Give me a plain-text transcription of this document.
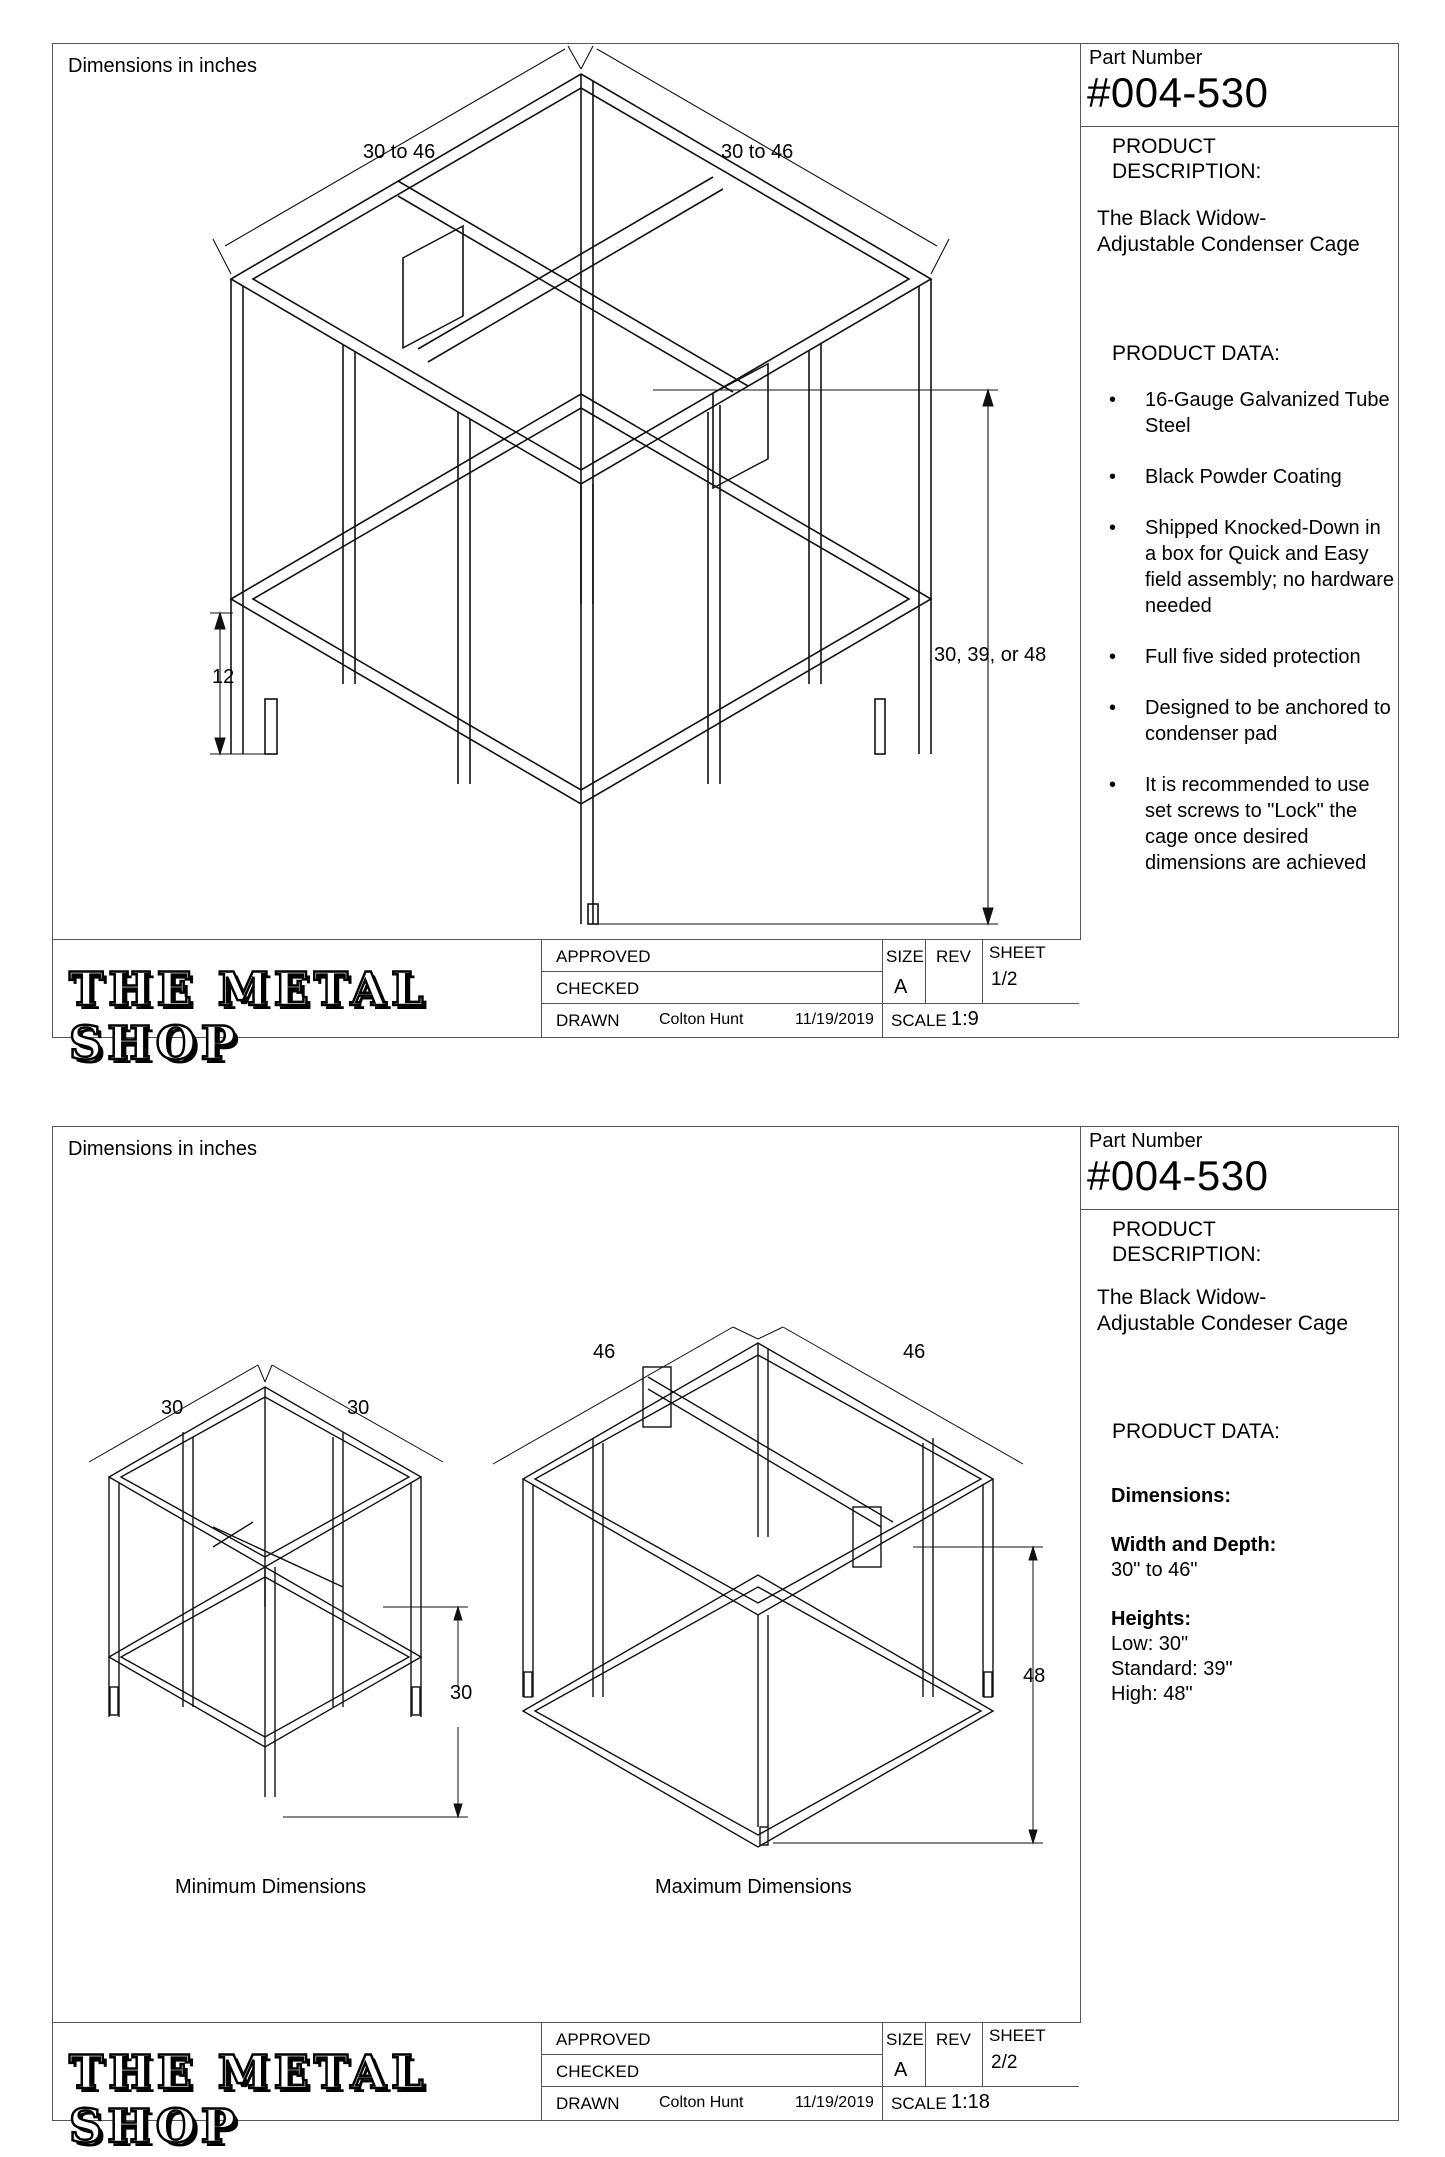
Dimensions in inches
30 to 46	30 to 46
30, 39, or 48
12
Part Number
#004-530
PRODUCT
DESCRIPTION:
The Black Widow-
Adjustable Condenser Cage
PRODUCT DATA:
• 16-Gauge Galvanized Tube Steel
• Black Powder Coating
• Shipped Knocked-Down in a box for Quick and Easy field assembly; no hardware needed
• Full five sided protection
• Designed to be anchored to condenser pad
• It is recommended to use set screws to "Lock" the cage once desired dimensions are achieved
THE METAL SHOP
APPROVED
CHECKED
DRAWN Colton Hunt	11/19/2019 SCALE 1:9
SIZE
A
REV SHEET
1/2
Dimensions in inches
30	30
30
46	46
48
Minimum Dimensions	Maximum Dimensions
Part Number
#004-530
PRODUCT
DESCRIPTION:
The Black Widow-
Adjustable Condeser Cage
PRODUCT DATA:
Dimensions:
Width and Depth:
30" to 46"
Heights:
Low: 30"
Standard: 39"
High: 48"
THE METAL SHOP
APPROVED
CHECKED
DRAWN Colton Hunt	11/19/2019 SCALE 1:18
SIZE
A
REV SHEET
2/2
